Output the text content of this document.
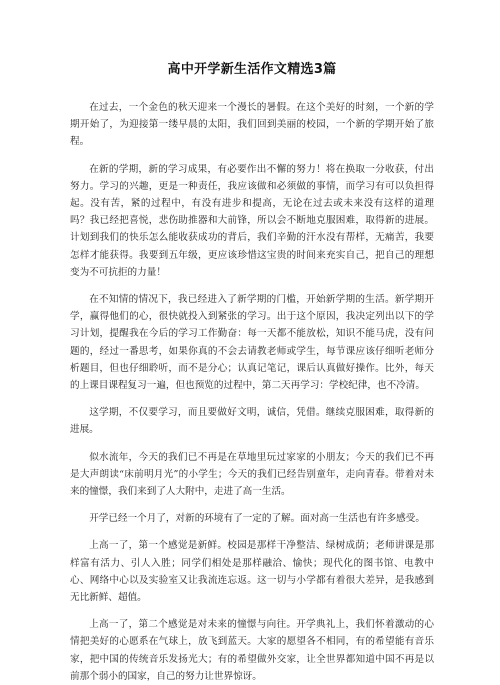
高中开学新生活作文精选3篇

在过去，一个金色的秋天迎来一个漫长的暑假。在这个美好的时刻，一个新的学期开始了，为迎接第一缕早晨的太阳，我们回到美丽的校园，一个新的学期开始了旅程。

在新的学期，新的学习成果，有必要作出不懈的努力！将在换取一分收获，付出努力。学习的兴趣，更是一种责任，我应该做和必须做的事情，而学习有可以负担得起。没有苦，紧的过程中，有没有进步和提高，无论在过去或未来没有这样的道理吗？我已经把喜悦，悲伤助推器和大前锋，所以会不断地克服困难，取得新的进展。计划到我们的快乐怎么能收获成功的背后，我们辛勤的汗水没有帮样，无痛苦，我要怎样才能获得。我要到五年级，更应该珍惜这宝贵的时间来充实自己，把自己的理想变为不可抗拒的力量！

在不知情的情况下，我已经进入了新学期的门槛，开始新学期的生活。新学期开学，赢得他们的心，很快就投入到紧张的学习。出于这个原因，我决定列出以下的学习计划，提醒我在今后的学习工作勤奋：每一天都不能放松，知识不能马虎，没有问题的，经过一番思考，如果你真的不会去请教老师或学生，每节课应该仔细听老师分析题目，但也仔细聆听，而不是分心；认真记笔记，课后认真做好操作。比外，每天的上课目课程复习一遍，但也预览的过程中，第二天再学习：学校纪律，也不冷清。

这学期，不仅要学习，而且要做好文明，诚信，凭借。继续克服困难，取得新的进展。

似水流年，今天的我们已不再是在草地里玩过家家的小朋友；今天的我们已不再是大声朗读“床前明月光”的小学生；今天的我们已经告别童年，走向青春。带着对未来的憧憬，我们来到了人大附中，走进了高一生活。

开学已经一个月了，对新的环境有了一定的了解。面对高一生活也有许多感受。

上高一了，第一个感觉是新鲜。校园是那样干净整洁、绿树成荫；老师讲课是那样富有活力、引人入胜；同学们相处是那样融洽、愉快；现代化的图书馆、电教中心、网络中心以及实验室又让我流连忘返。这一切与小学都有着很大差异，是我感到无比新鲜、超值。

上高一了，第二个感觉是对未来的憧憬与向往。开学典礼上，我们怀着激动的心情把美好的心愿系在气球上，放飞到蓝天。大家的愿望各不相同，有的希望能有音乐家，把中国的传统音乐发扬光大；有的希望做外交家，让全世界都知道中国不再是以前那个弱小的国家，自己的努力让世界惊讶。
